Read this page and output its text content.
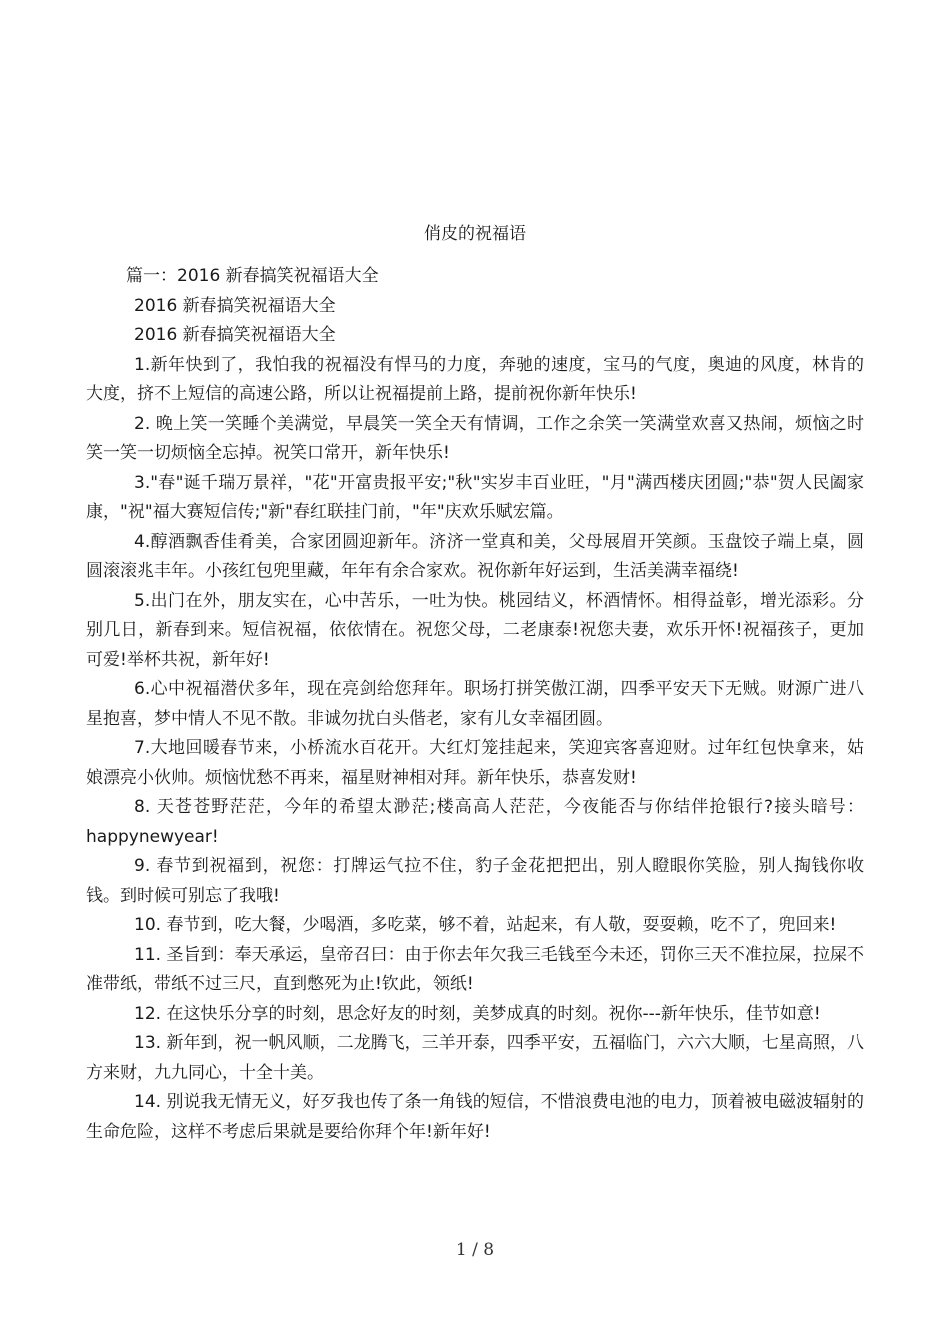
俏皮的祝福语

篇一：2016 新春搞笑祝福语大全

2016 新春搞笑祝福语大全

2016 新春搞笑祝福语大全

1.新年快到了，我怕我的祝福没有悍马的力度，奔驰的速度，宝马的气度，奥迪的风度，林肯的大度，挤不上短信的高速公路，所以让祝福提前上路，提前祝你新年快乐!

2. 晚上笑一笑睡个美满觉，早晨笑一笑全天有情调，工作之余笑一笑满堂欢喜又热闹，烦恼之时笑一笑一切烦恼全忘掉。祝笑口常开，新年快乐!

3."春"诞千瑞万景祥，"花"开富贵报平安;"秋"实岁丰百业旺，"月"满西楼庆团圆;"恭"贺人民阖家康，"祝"福大赛短信传;"新"春红联挂门前，"年"庆欢乐赋宏篇。

4.醇酒飘香佳肴美，合家团圆迎新年。济济一堂真和美，父母展眉开笑颜。玉盘饺子端上桌，圆圆滚滚兆丰年。小孩红包兜里藏，年年有余合家欢。祝你新年好运到，生活美满幸福绕!

5.出门在外，朋友实在，心中苦乐，一吐为快。桃园结义，杯酒情怀。相得益彰，增光添彩。分别几日，新春到来。短信祝福，依依情在。祝您父母，二老康泰!祝您夫妻，欢乐开怀!祝福孩子，更加可爱!举杯共祝，新年好!

6.心中祝福潜伏多年，现在亮剑给您拜年。职场打拼笑傲江湖，四季平安天下无贼。财源广进八星抱喜，梦中情人不见不散。非诚勿扰白头偕老，家有儿女幸福团圆。

7.大地回暖春节来，小桥流水百花开。大红灯笼挂起来，笑迎宾客喜迎财。过年红包快拿来，姑娘漂亮小伙帅。烦恼忧愁不再来，福星财神相对拜。新年快乐，恭喜发财!

8. 天苍苍野茫茫，今年的希望太渺茫;楼高高人茫茫，今夜能否与你结伴抢银行?接头暗号：happynewyear!

9. 春节到祝福到，祝您：打牌运气拉不住，豹子金花把把出，别人瞪眼你笑脸，别人掏钱你收钱。到时候可别忘了我哦!

10. 春节到，吃大餐，少喝酒，多吃菜，够不着，站起来，有人敬，耍耍赖，吃不了，兜回来!

11. 圣旨到：奉天承运，皇帝召曰：由于你去年欠我三毛钱至今未还，罚你三天不准拉屎，拉屎不准带纸，带纸不过三尺，直到憋死为止!钦此，领纸!

12. 在这快乐分享的时刻，思念好友的时刻，美梦成真的时刻。祝你---新年快乐，佳节如意!

13. 新年到，祝一帆风顺，二龙腾飞，三羊开泰，四季平安，五福临门，六六大顺，七星高照，八方来财，九九同心，十全十美。

14. 别说我无情无义，好歹我也传了条一角钱的短信，不惜浪费电池的电力，顶着被电磁波辐射的生命危险，这样不考虑后果就是要给你拜个年!新年好!

1 / 8
